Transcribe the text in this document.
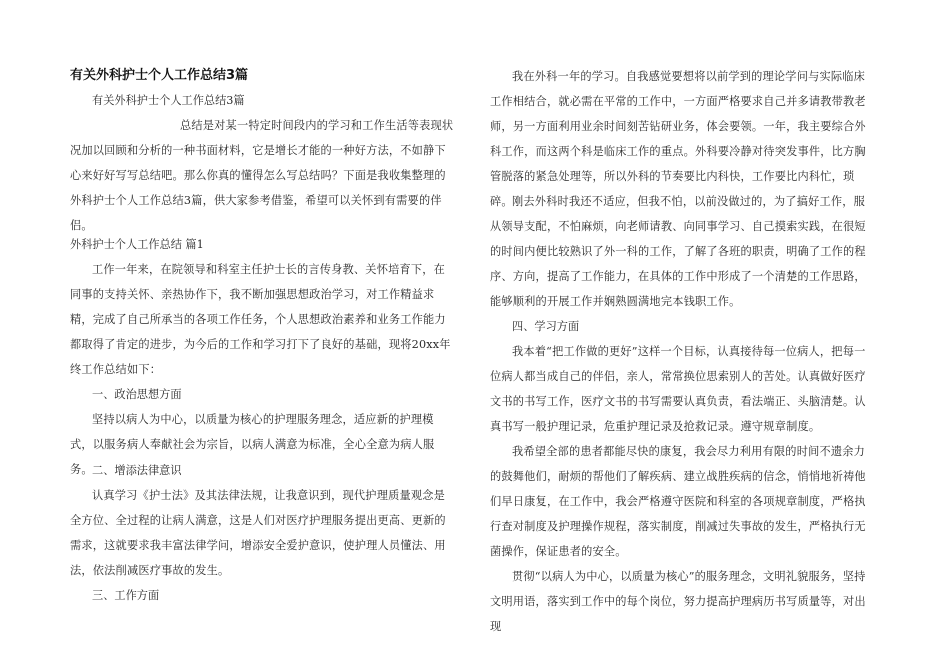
有关外科护士个人工作总结3篇
有关外科护士个人工作总结3篇

总结是对某一特定时间段内的学习和工作生活等表现状况加以回顾和分析的一种书面材料，它是增长才能的一种好方法，不如静下心来好好写写总结吧。那么你真的懂得怎么写总结吗？下面是我收集整理的外科护士个人工作总结3篇，供大家参考借鉴，希望可以关怀到有需要的伴侣。

外科护士个人工作总结 篇1

工作一年来，在院领导和科室主任护士长的言传身教、关怀培育下，在同事的支持关怀、亲热协作下，我不断加强思想政治学习，对工作精益求精，完成了自己所承当的各项工作任务，个人思想政治素养和业务工作能力都取得了肯定的进步，为今后的工作和学习打下了良好的基础，现将20xx年终工作总结如下：

一、政治思想方面

坚持以病人为中心，以质量为核心的护理服务理念，适应新的护理模式，以服务病人奉献社会为宗旨，以病人满意为标准，全心全意为病人服务。 二、增添法律意识

认真学习《护士法》及其法律法规，让我意识到，现代护理质量观念是全方位、全过程的让病人满意，这是人们对医疗护理服务提出更高、更新的需求，这就要求我丰富法律学问，增添安全爱护意识，使护理人员懂法、用法，依法削减医疗事故的发生。

三、工作方面

我在外科一年的学习。自我感觉要想将以前学到的理论学问与实际临床工作相结合，就必需在平常的工作中，一方面严格要求自己并多请教带教老师，另一方面利用业余时间刻苦钻研业务，体会要领。一年，我主要综合外科工作，而这两个科是临床工作的重点。外科要冷静对待突发事件，比方胸管脱落的紧急处理等，所以外科的节奏要比内科快，工作要比内科忙，琐碎。 刚去外科时我还不适应，但我不怕，以前没做过的，为了搞好工作，服从领导支配，不怕麻烦，向老师请教、向同事学习、自己摸索实践，在很短的时间内便比较熟识了外一科的工作，了解了各班的职责，明确了工作的程序、方向，提高了工作能力，在具体的工作中形成了一个清楚的工作思路，能够顺利的开展工作并娴熟圆满地完本钱职工作。

四、学习方面

我本着“把工作做的更好”这样一个目标，认真接待每一位病人，把每一位病人都当成自己的伴侣，亲人，常常换位思索别人的苦处。认真做好医疗文书的书写工作，医疗文书的书写需要认真负责，看法端正、头脑清楚。认真书写一般护理记录，危重护理记录及抢救记录。遵守规章制度。

我希望全部的患者都能尽快的康复，我会尽力利用有限的时间不遗余力的鼓舞他们，耐烦的帮他们了解疾病、建立战胜疾病的信念，悄悄地祈祷他们早日康复，在工作中，我会严格遵守医院和科室的各项规章制度，严格执行查对制度及护理操作规程，落实制度，削减过失事故的发生，严格执行无菌操作，保证患者的安全。

贯彻“以病人为中心，以质量为核心”的服务理念，文明礼貌服务，坚持文明用语，落实到工作中的每个岗位，努力提高护理病历书写质量等，对出现
